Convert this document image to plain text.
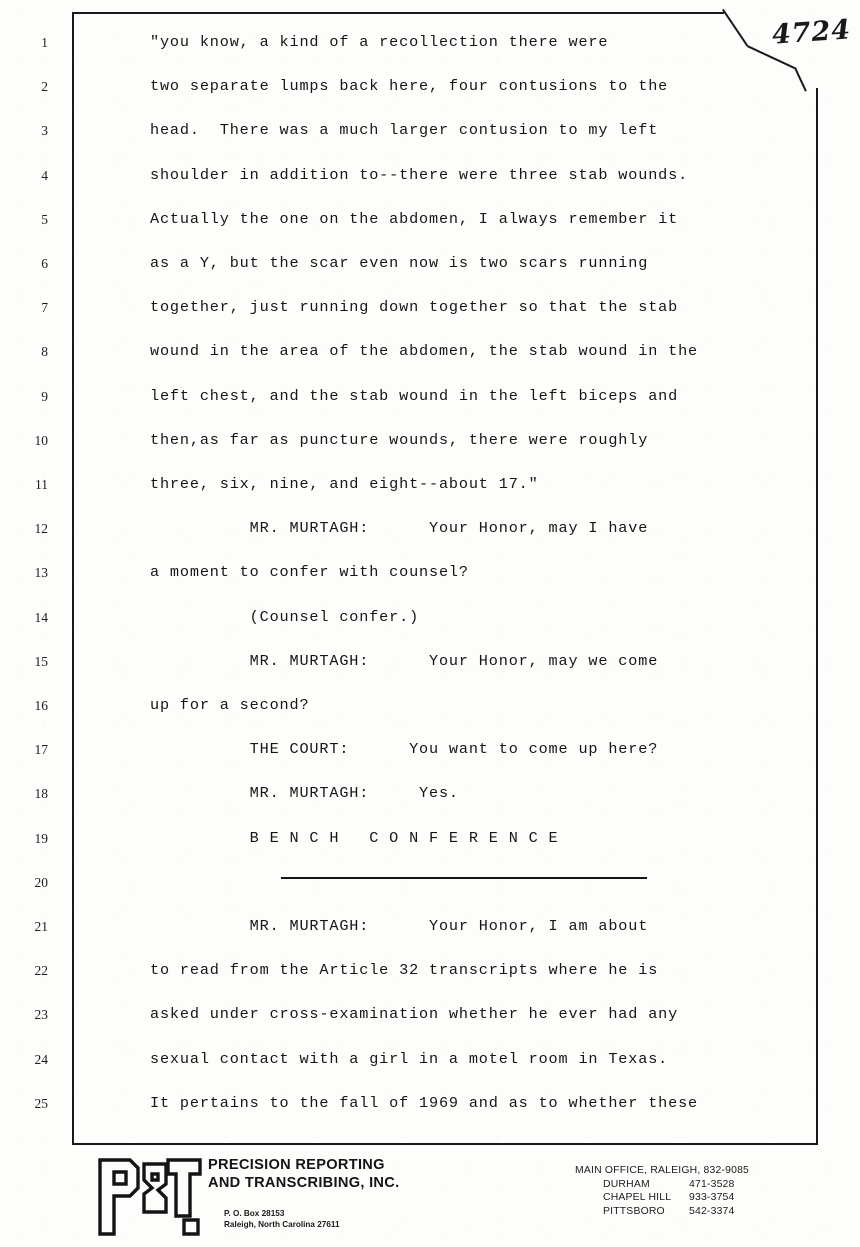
4724
1
2
3
4
5
6
7
8
9
10
11
12
13
14
15
16
17
18
19
20
21
22
23
24
25
"you know, a kind of a recollection there were
two separate lumps back here, four contusions to the
head.  There was a much larger contusion to my left
shoulder in addition to--there were three stab wounds.
Actually the one on the abdomen, I always remember it
as a Y, but the scar even now is two scars running
together, just running down together so that the stab
wound in the area of the abdomen, the stab wound in the
left chest, and the stab wound in the left biceps and
then,as far as puncture wounds, there were roughly
three, six, nine, and eight--about 17."
MR. MURTAGH:      Your Honor, may I have
a moment to confer with counsel?
(Counsel confer.)
MR. MURTAGH:      Your Honor, may we come
up for a second?
THE COURT:      You want to come up here?
MR. MURTAGH:     Yes.
B E N C H   C O N F E R E N C E
MR. MURTAGH:      Your Honor, I am about
to read from the Article 32 transcripts where he is
asked under cross-examination whether he ever had any
sexual contact with a girl in a motel room in Texas.
It pertains to the fall of 1969 and as to whether these
PRECISION REPORTING
AND TRANSCRIBING, INC.
P. O. Box 28153
Raleigh, North Carolina 27611
MAIN OFFICE, RALEIGH, 832-9085
DURHAM	471-3528
CHAPEL HILL	933-3754
PITTSBORO	542-3374
